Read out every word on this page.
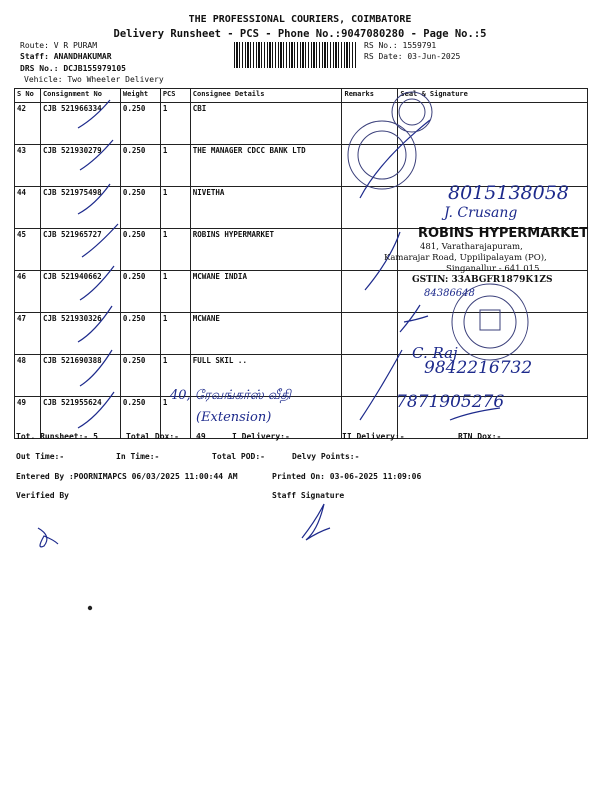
THE PROFESSIONAL COURIERS, COIMBATORE
Delivery Runsheet - PCS - Phone No.:9047080280 - Page No.:5
Route: V R PURAM
Staff: ANANDHAKUMAR
DRS No.: DCJB155979105
Vehicle: Two Wheeler Delivery
RS No.: 1559791
RS Date: 03-Jun-2025
S No	Consignment No	Weight	PCS	Consignee Details	Remarks	Seal & Signature
42	CJB 521966334	0.250	1	CBI		
43	CJB 521930279	0.250	1	THE MANAGER CDCC BANK LTD		
44	CJB 521975498	0.250	1	NIVETHA		
45	CJB 521965727	0.250	1	ROBINS HYPERMARKET		
46	CJB 521940662	0.250	1	MCWANE INDIA		
47	CJB 521930326	0.250	1	MCWANE		
48	CJB 521690388	0.250	1	FULL SKIL ..		
49	CJB 521955624	0.250	1			
8015138058
J. Crusang
ROBINS HYPERMARKET
481, Varatharajapuram,
Kamarajar Road, Uppilipalayam (PO),
Singanallur - 641 015
GSTIN: 33ABGFR1879K1ZS
84386648
C. Raj
9842216732
7871905276
40, ரேவங்கர்ஸ் வீதி
(Extension)
Tot. Runsheet:- 5	Total Dox:- 49	I Delivery:-	II Delivery:-	RTN Dox:-
Out Time:-	In Time:-	Total POD:-	Delvy Points:-
Entered By :POORNIMAPCS 06/03/2025 11:00:44 AM	Printed On: 03-06-2025 11:09:06
Verified By	Staff Signature
